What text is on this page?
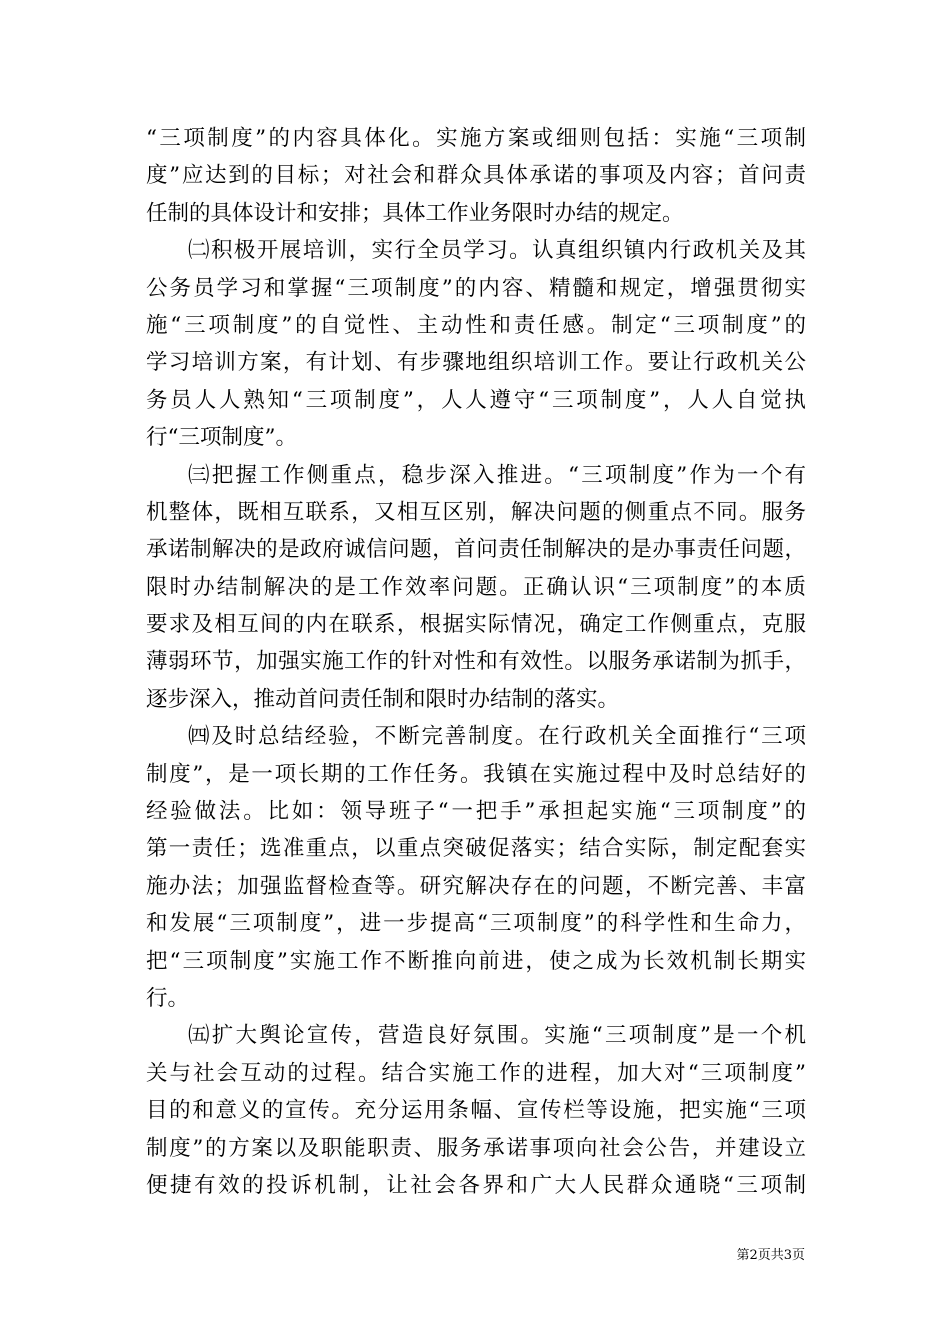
“三项制度”的内容具体化。实施方案或细则包括：实施“三项制
度”应达到的目标；对社会和群众具体承诺的事项及内容；首问责
任制的具体设计和安排；具体工作业务限时办结的规定。
㈡积极开展培训，实行全员学习。认真组织镇内行政机关及其
公务员学习和掌握“三项制度”的内容、精髓和规定，增强贯彻实
施“三项制度”的自觉性、主动性和责任感。制定“三项制度”的
学习培训方案，有计划、有步骤地组织培训工作。要让行政机关公
务员人人熟知“三项制度”，人人遵守“三项制度”，人人自觉执
行“三项制度”。
㈢把握工作侧重点，稳步深入推进。“三项制度”作为一个有
机整体，既相互联系，又相互区别，解决问题的侧重点不同。服务
承诺制解决的是政府诚信问题，首问责任制解决的是办事责任问题，
限时办结制解决的是工作效率问题。正确认识“三项制度”的本质
要求及相互间的内在联系，根据实际情况，确定工作侧重点，克服
薄弱环节，加强实施工作的针对性和有效性。以服务承诺制为抓手，
逐步深入，推动首问责任制和限时办结制的落实。
㈣及时总结经验，不断完善制度。在行政机关全面推行“三项
制度”，是一项长期的工作任务。我镇在实施过程中及时总结好的
经验做法。比如：领导班子“一把手”承担起实施“三项制度”的
第一责任；选准重点，以重点突破促落实；结合实际，制定配套实
施办法；加强监督检查等。研究解决存在的问题，不断完善、丰富
和发展“三项制度”，进一步提高“三项制度”的科学性和生命力，
把“三项制度”实施工作不断推向前进，使之成为长效机制长期实
行。
㈤扩大舆论宣传，营造良好氛围。实施“三项制度”是一个机
关与社会互动的过程。结合实施工作的进程，加大对“三项制度”
目的和意义的宣传。充分运用条幅、宣传栏等设施，把实施“三项
制度”的方案以及职能职责、服务承诺事项向社会公告，并建设立
便捷有效的投诉机制，让社会各界和广大人民群众通晓“三项制
第2页共3页
